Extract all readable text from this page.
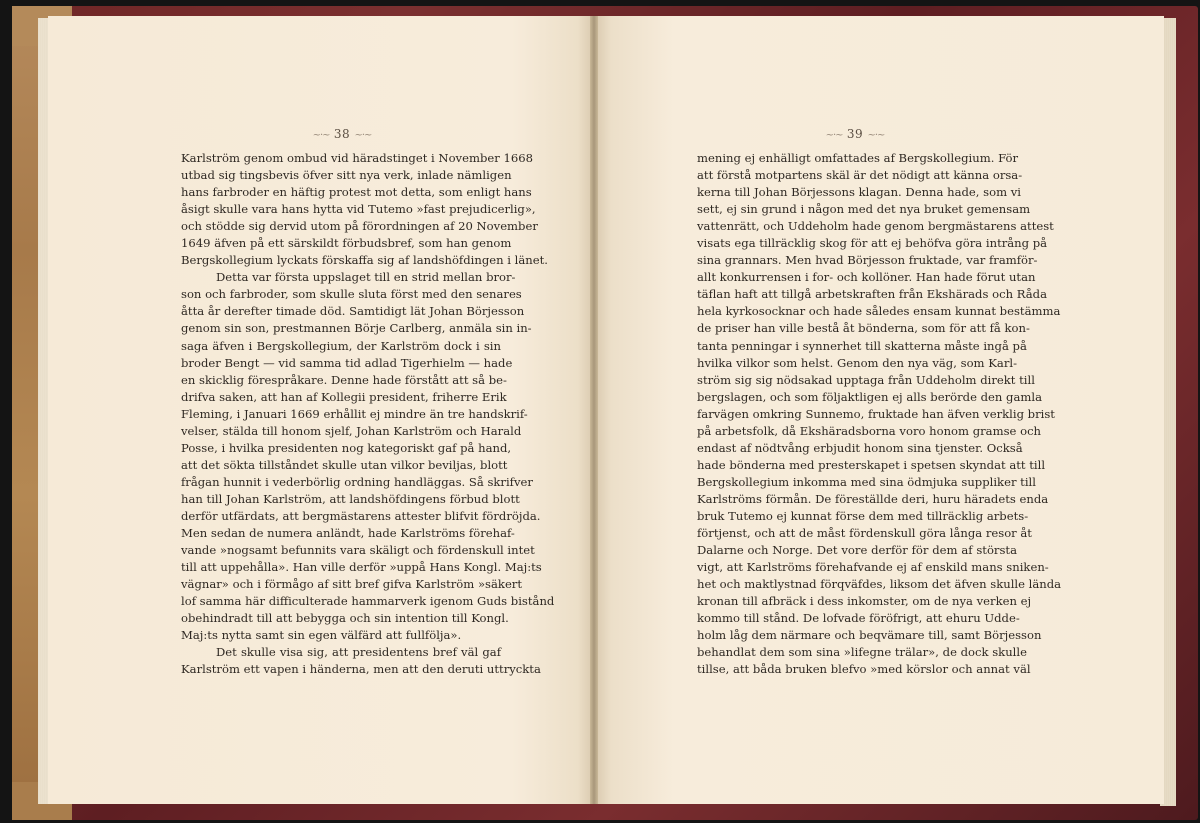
~·~ 38 ~·~	~·~ 39 ~·~
Karlström genom ombud vid häradstinget i November 1668
utbad sig tingsbevis öfver sitt nya verk, inlade nämligen
hans farbroder en häftig protest mot detta, som enligt hans
åsigt skulle vara hans hytta vid Tutemo »fast prejudicerlig»,
och stödde sig dervid utom på förordningen af 20 November
1649 äfven på ett särskildt förbudsbref, som han genom
Bergskollegium lyckats förskaffa sig af landshöfdingen i länet.
Detta var första uppslaget till en strid mellan bror-
son och farbroder, som skulle sluta först med den senares
åtta år derefter timade död. Samtidigt lät Johan Börjesson
genom sin son, prestmannen Börje Carlberg, anmäla sin in-
saga äfven i Bergskollegium, der Karlström dock i sin
broder Bengt — vid samma tid adlad Tigerhielm — hade
en skicklig förespråkare. Denne hade förstått att så be-
drifva saken, att han af Kollegii president, friherre Erik
Fleming, i Januari 1669 erhållit ej mindre än tre handskrif-
velser, stälda till honom sjelf, Johan Karlström och Harald
Posse, i hvilka presidenten nog kategoriskt gaf på hand,
att det sökta tillståndet skulle utan vilkor beviljas, blott
frågan hunnit i vederbörlig ordning handläggas. Så skrifver
han till Johan Karlström, att landshöfdingens förbud blott
derför utfärdats, att bergmästarens attester blifvit fördröjda.
Men sedan de numera anländt, hade Karlströms förehaf-
vande »nogsamt befunnits vara skäligt och fördenskull intet
till att uppehålla». Han ville derför »uppå Hans Kongl. Maj:ts
vägnar» och i förmågo af sitt bref gifva Karlström »säkert
lof samma här difficulterade hammarverk igenom Guds bistånd
obehindradt till att bebygga och sin intention till Kongl.
Maj:ts nytta samt sin egen välfärd att fullfölja».
Det skulle visa sig, att presidentens bref väl gaf
Karlström ett vapen i händerna, men att den deruti uttryckta
mening ej enhälligt omfattades af Bergskollegium. För
att förstå motpartens skäl är det nödigt att känna orsa-
kerna till Johan Börjessons klagan. Denna hade, som vi
sett, ej sin grund i någon med det nya bruket gemensam
vattenrätt, och Uddeholm hade genom bergmästarens attest
visats ega tillräcklig skog för att ej behöfva göra intrång på
sina grannars. Men hvad Börjesson fruktade, var framför-
allt konkurrensen i for- och kollöner. Han hade förut utan
täflan haft att tillgå arbetskraften från Ekshärads och Råda
hela kyrkosocknar och hade således ensam kunnat bestämma
de priser han ville bestå åt bönderna, som för att få kon-
tanta penningar i synnerhet till skatterna måste ingå på
hvilka vilkor som helst. Genom den nya väg, som Karl-
ström sig sig nödsakad upptaga från Uddeholm direkt till
bergslagen, och som följaktligen ej alls berörde den gamla
farvägen omkring Sunnemo, fruktade han äfven verklig brist
på arbetsfolk, då Ekshäradsborna voro honom gramse och
endast af nödtvång erbjudit honom sina tjenster. Också
hade bönderna med presterskapet i spetsen skyndat att till
Bergskollegium inkomma med sina ödmjuka suppliker till
Karlströms förmån. De föreställde deri, huru häradets enda
bruk Tutemo ej kunnat förse dem med tillräcklig arbets-
förtjenst, och att de måst fördenskull göra långa resor åt
Dalarne och Norge. Det vore derför för dem af största
vigt, att Karlströms förehafvande ej af enskild mans sniken-
het och maktlystnad förqväfdes, liksom det äfven skulle lända
kronan till afbräck i dess inkomster, om de nya verken ej
kommo till stånd. De lofvade föröfrigt, att ehuru Udde-
holm låg dem närmare och beqvämare till, samt Börjesson
behandlat dem som sina »lifegne trälar», de dock skulle
tillse, att båda bruken blefvo »med körslor och annat väl
